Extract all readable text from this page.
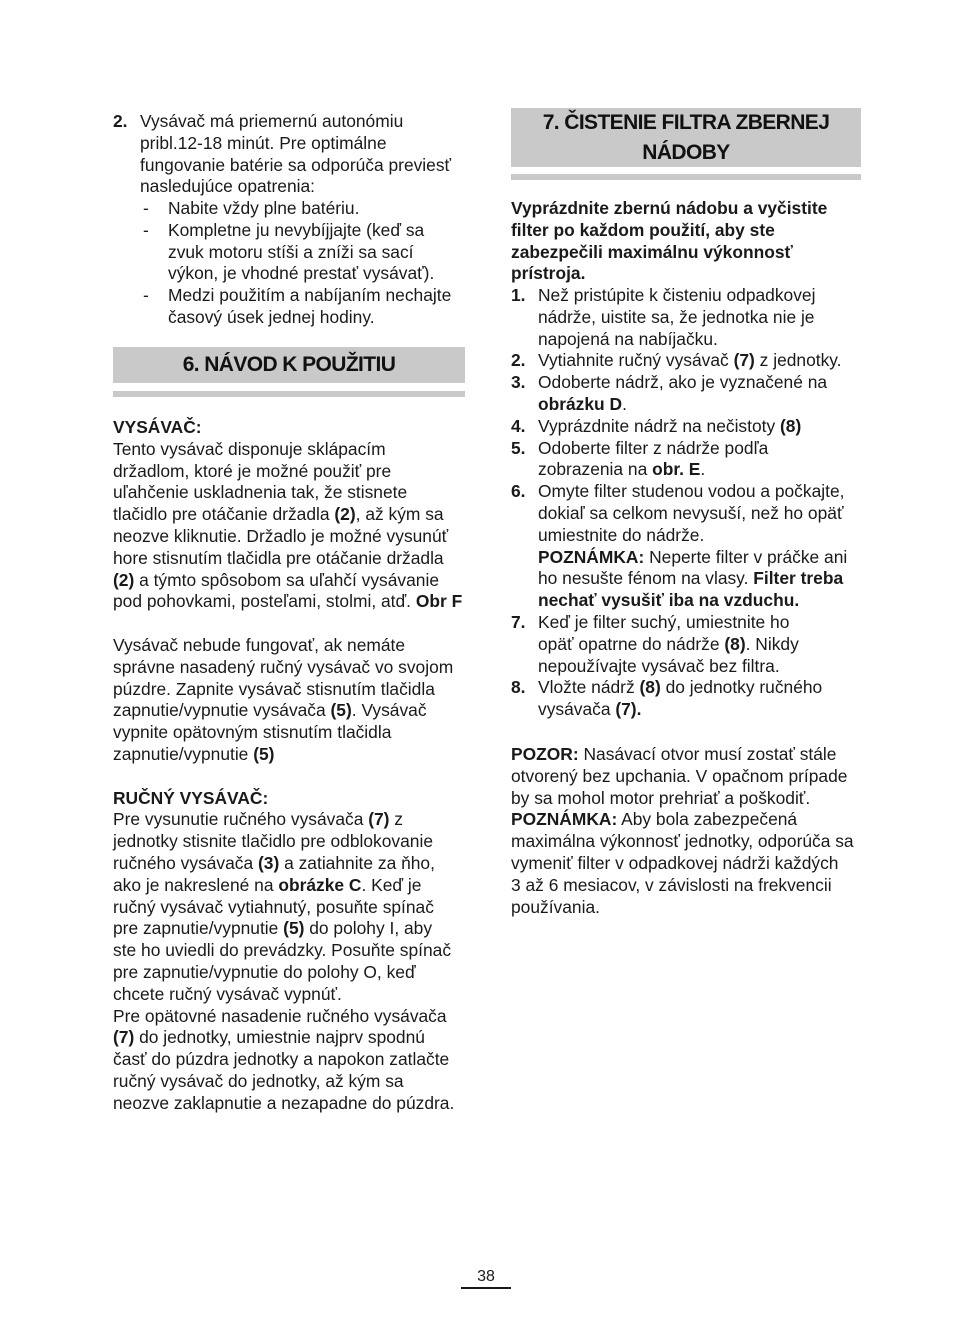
2. Vysávač má priemernú autonómiu

pribl.12-18 minút. Pre optimálne

fungovanie batérie sa odporúča previesť

nasledujúce opatrenia:

- Nabite vždy plne batériu.

- Kompletne ju nevybíjjajte (keď sa

zvuk motoru stíši a zníži sa sací

výkon, je vhodné prestať vysávať).

- Medzi použitím a nabíjaním nechajte

časový úsek jednej hodiny.

6. NÁVOD K POUŽITIU

VYSÁVAČ:

Tento vysávač disponuje sklápacím

držadlom, ktoré je možné použiť pre

uľahčenie uskladnenia tak, že stisnete

tlačidlo pre otáčanie držadla (2), až kým sa

neozve kliknutie. Držadlo je možné vysunúť

hore stisnutím tlačidla pre otáčanie držadla

(2) a týmto spôsobom sa uľahčí vysávanie

pod pohovkami, posteľami, stolmi, atď. Obr F

Vysávač nebude fungovať, ak nemáte

správne nasadený ručný vysávač vo svojom

púzdre. Zapnite vysávač stisnutím tlačidla

zapnutie/vypnutie vysávača (5). Vysávač

vypnite opätovným stisnutím tlačidla

zapnutie/vypnutie (5)

RUČNÝ VYSÁVAČ:

Pre vysunutie ručného vysávača (7) z

jednotky stisnite tlačidlo pre odblokovanie

ručného vysávača (3) a zatiahnite za ňho,

ako je nakreslené na obrázke C. Keď je

ručný vysávač vytiahnutý, posuňte spínač

pre zapnutie/vypnutie (5) do polohy I, aby

ste ho uviedli do prevádzky. Posuňte spínač

pre zapnutie/vypnutie do polohy O, keď

chcete ručný vysávač vypnúť.

Pre opätovné nasadenie ručného vysávača

(7) do jednotky, umiestnie najprv spodnú

časť do púzdra jednotky a napokon zatlačte

ručný vysávač do jednotky, až kým sa

neozve zaklapnutie a nezapadne do púzdra.

7. ČISTENIE FILTRA ZBERNEJ
NÁDOBY

Vyprázdnite zbernú nádobu a vyčistite

filter po každom použití, aby ste

zabezpečili maximálnu výkonnosť

prístroja.

1. Než pristúpite k čisteniu odpadkovej

nádrže, uistite sa, že jednotka nie je

napojená na nabíjačku.

2. Vytiahnite ručný vysávač (7) z jednotky.

3. Odoberte nádrž, ako je vyznačené na

obrázku D.

4. Vyprázdnite nádrž na nečistoty (8)

5. Odoberte filter z nádrže podľa

zobrazenia na obr. E.

6. Omyte filter studenou vodou a počkajte,

dokiaľ sa celkom nevysuší, než ho opäť

umiestnite do nádrže.

POZNÁMKA: Neperte filter v práčke ani

ho nesušte fénom na vlasy. Filter treba

nechať vysušiť iba na vzduchu.

7. Keď je filter suchý, umiestnite ho

opäť opatrne do nádrže (8). Nikdy

nepoužívajte vysávač bez filtra.

8. Vložte nádrž (8) do jednotky ručného

vysávača (7).

POZOR: Nasávací otvor musí zostať stále

otvorený bez upchania. V opačnom prípade

by sa mohol motor prehriať a poškodiť.

POZNÁMKA: Aby bola zabezpečená

maximálna výkonnosť jednotky, odporúča sa

vymeniť filter v odpadkovej nádrži každých

3 až 6 mesiacov, v závislosti na frekvencii

používania.

38
